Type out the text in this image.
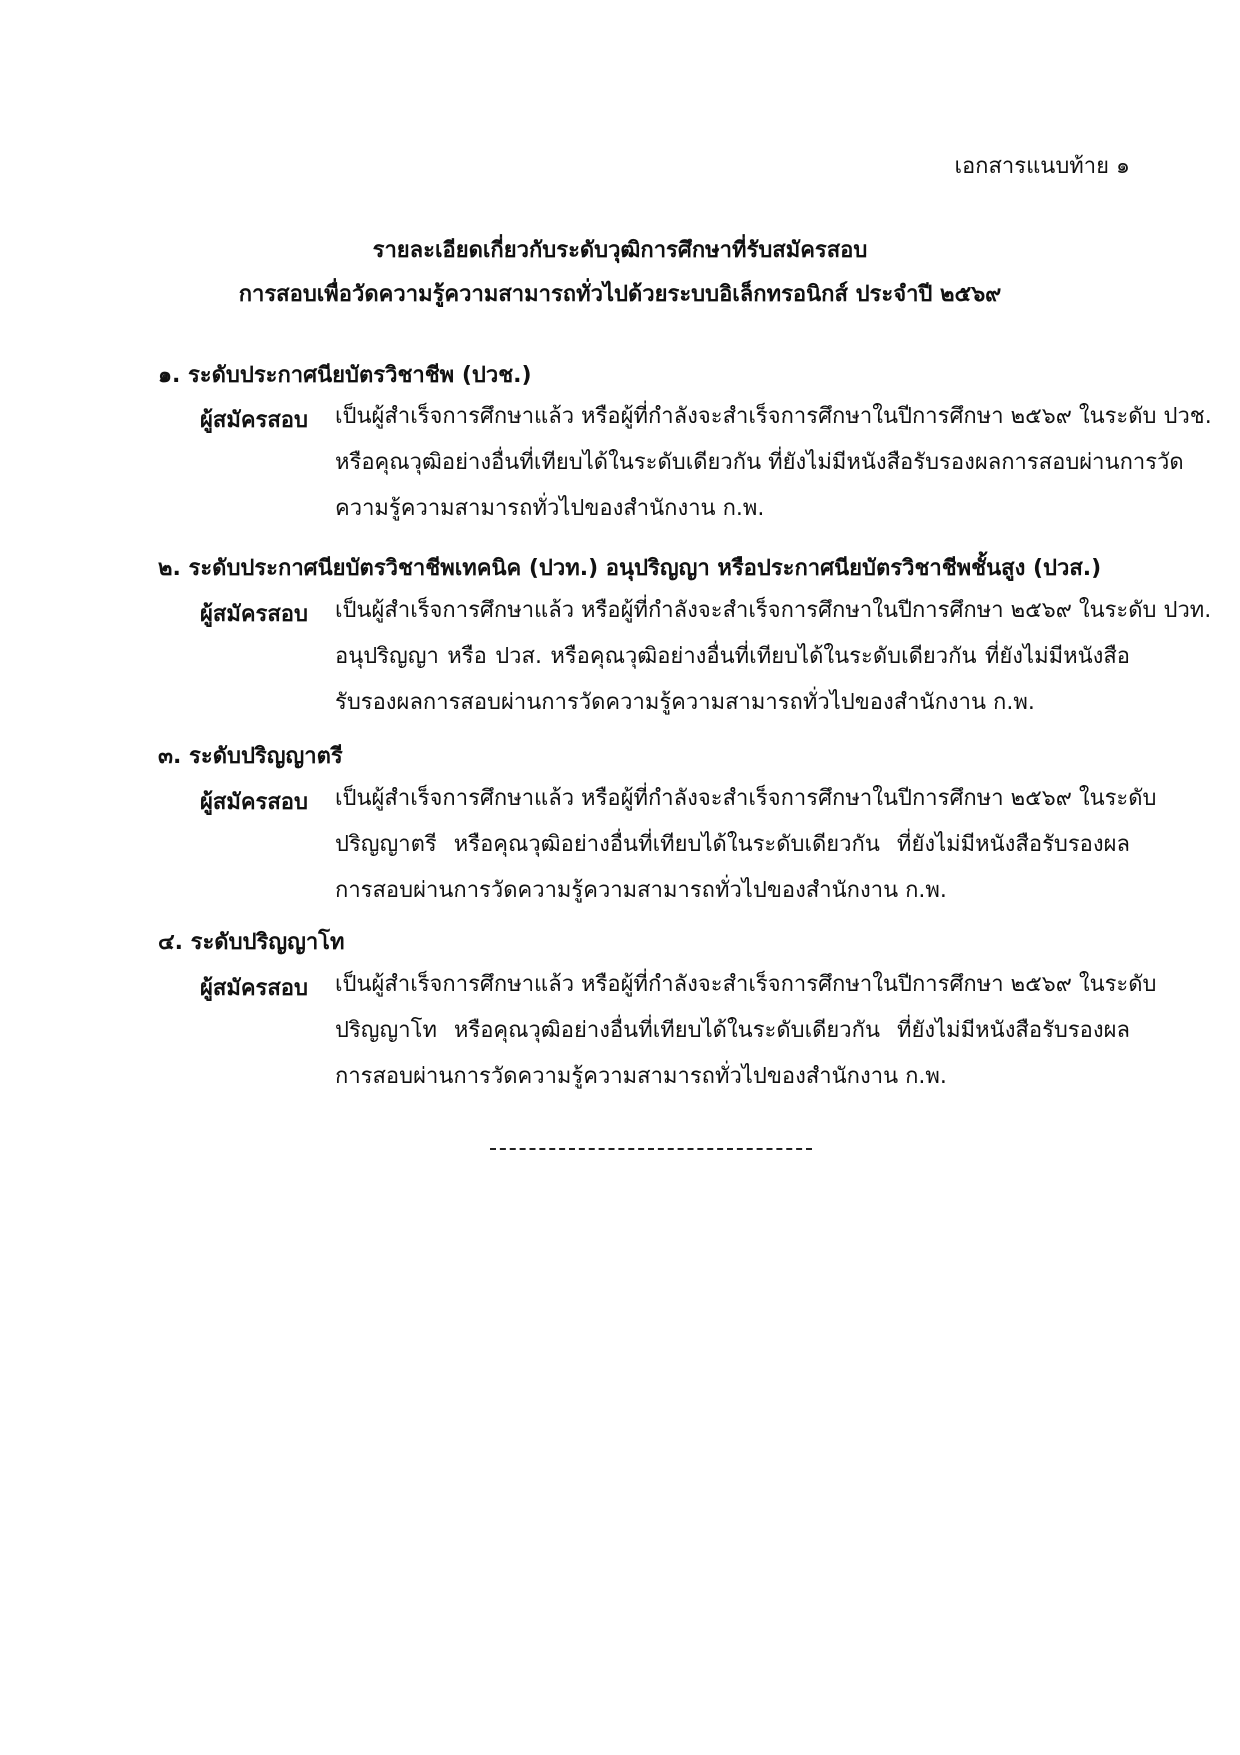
เอกสารแนบท้าย ๑
รายละเอียดเกี่ยวกับระดับวุฒิการศึกษาที่รับสมัครสอบ
การสอบเพื่อวัดความรู้ความสามารถทั่วไปด้วยระบบอิเล็กทรอนิกส์ ประจำปี ๒๕๖๙
๑. ระดับประกาศนียบัตรวิชาชีพ (ปวช.)
ผู้สมัครสอบ เป็นผู้สำเร็จการศึกษาแล้ว หรือผู้ที่กำลังจะสำเร็จการศึกษาในปีการศึกษา ๒๕๖๙ ในระดับ ปวช.
หรือคุณวุฒิอย่างอื่นที่เทียบได้ในระดับเดียวกัน ที่ยังไม่มีหนังสือรับรองผลการสอบผ่านการวัด
ความรู้ความสามารถทั่วไปของสำนักงาน ก.พ.
๒. ระดับประกาศนียบัตรวิชาชีพเทคนิค (ปวท.) อนุปริญญา หรือประกาศนียบัตรวิชาชีพชั้นสูง (ปวส.)
ผู้สมัครสอบ เป็นผู้สำเร็จการศึกษาแล้ว หรือผู้ที่กำลังจะสำเร็จการศึกษาในปีการศึกษา ๒๕๖๙ ในระดับ ปวท.
อนุปริญญา หรือ ปวส. หรือคุณวุฒิอย่างอื่นที่เทียบได้ในระดับเดียวกัน ที่ยังไม่มีหนังสือ
รับรองผลการสอบผ่านการวัดความรู้ความสามารถทั่วไปของสำนักงาน ก.พ.
๓. ระดับปริญญาตรี
ผู้สมัครสอบ เป็นผู้สำเร็จการศึกษาแล้ว หรือผู้ที่กำลังจะสำเร็จการศึกษาในปีการศึกษา ๒๕๖๙ ในระดับ
ปริญญาตรี หรือคุณวุฒิอย่างอื่นที่เทียบได้ในระดับเดียวกัน ที่ยังไม่มีหนังสือรับรองผล
การสอบผ่านการวัดความรู้ความสามารถทั่วไปของสำนักงาน ก.พ.
๔. ระดับปริญญาโท
ผู้สมัครสอบ เป็นผู้สำเร็จการศึกษาแล้ว หรือผู้ที่กำลังจะสำเร็จการศึกษาในปีการศึกษา ๒๕๖๙ ในระดับ
ปริญญาโท หรือคุณวุฒิอย่างอื่นที่เทียบได้ในระดับเดียวกัน ที่ยังไม่มีหนังสือรับรองผล
การสอบผ่านการวัดความรู้ความสามารถทั่วไปของสำนักงาน ก.พ.
